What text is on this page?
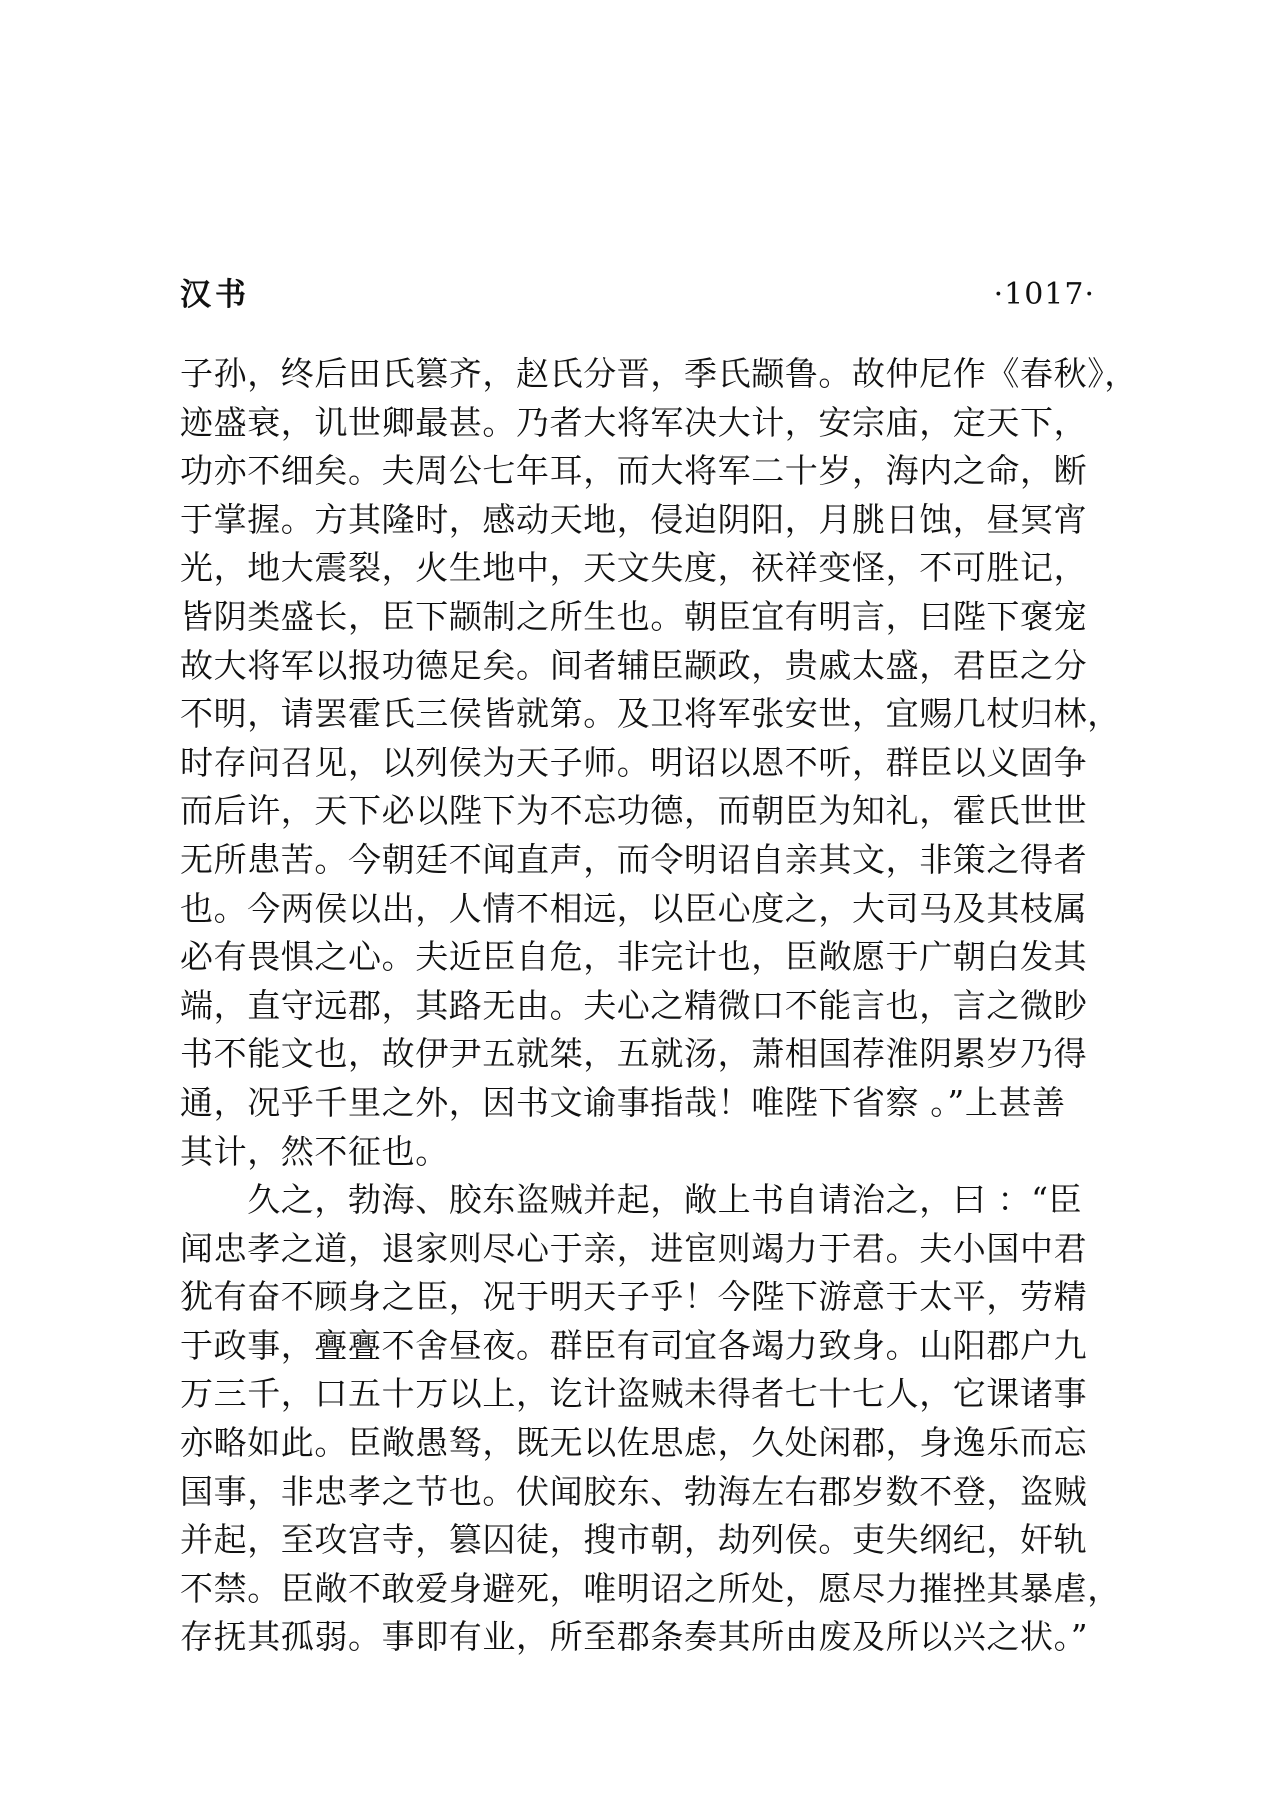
汉书	·1017·
子孙，终后田氏篡齐，赵氏分晋，季氏颛鲁。故仲尼作《春秋》，
迹盛衰，讥世卿最甚。乃者大将军决大计，安宗庙，定天下，
功亦不细矣。夫周公七年耳，而大将军二十岁，海内之命，断
于掌握。方其隆时，感动天地，侵迫阴阳，月朓日蚀，昼冥宵
光，地大震裂，火生地中，天文失度，祆祥变怪，不可胜记，
皆阴类盛长，臣下颛制之所生也。朝臣宜有明言，曰陛下褒宠
故大将军以报功德足矣。间者辅臣颛政，贵戚太盛，君臣之分
不明，请罢霍氏三侯皆就第。及卫将军张安世，宜赐几杖归林，
时存问召见，以列侯为天子师。明诏以恩不听，群臣以义固争
而后许，天下必以陛下为不忘功德，而朝臣为知礼，霍氏世世
无所患苦。今朝廷不闻直声，而令明诏自亲其文，非策之得者
也。今两侯以出，人情不相远，以臣心度之，大司马及其枝属
必有畏惧之心。夫近臣自危，非完计也，臣敞愿于广朝白发其
端，直守远郡，其路无由。夫心之精微口不能言也，言之微眇
书不能文也，故伊尹五就桀，五就汤，萧相国荐淮阴累岁乃得
通，况乎千里之外，因书文谕事指哉！唯陛下省察 。”上甚善
其计，然不征也。
　　久之，勃海、胶东盗贼并起，敞上书自请治之，曰 ：“臣
闻忠孝之道，退家则尽心于亲，进宦则竭力于君。夫小国中君
犹有奋不顾身之臣，况于明天子乎！今陛下游意于太平，劳精
于政事，亹亹不舍昼夜。群臣有司宜各竭力致身。山阳郡户九
万三千，口五十万以上，讫计盗贼未得者七十七人，它课诸事
亦略如此。臣敞愚驽，既无以佐思虑，久处闲郡，身逸乐而忘
国事，非忠孝之节也。伏闻胶东、勃海左右郡岁数不登，盗贼
并起，至攻宫寺，篡囚徒，搜市朝，劫列侯。吏失纲纪，奸轨
不禁。臣敞不敢爱身避死，唯明诏之所处，愿尽力摧挫其暴虐，
存抚其孤弱。事即有业，所至郡条奏其所由废及所以兴之状。”
